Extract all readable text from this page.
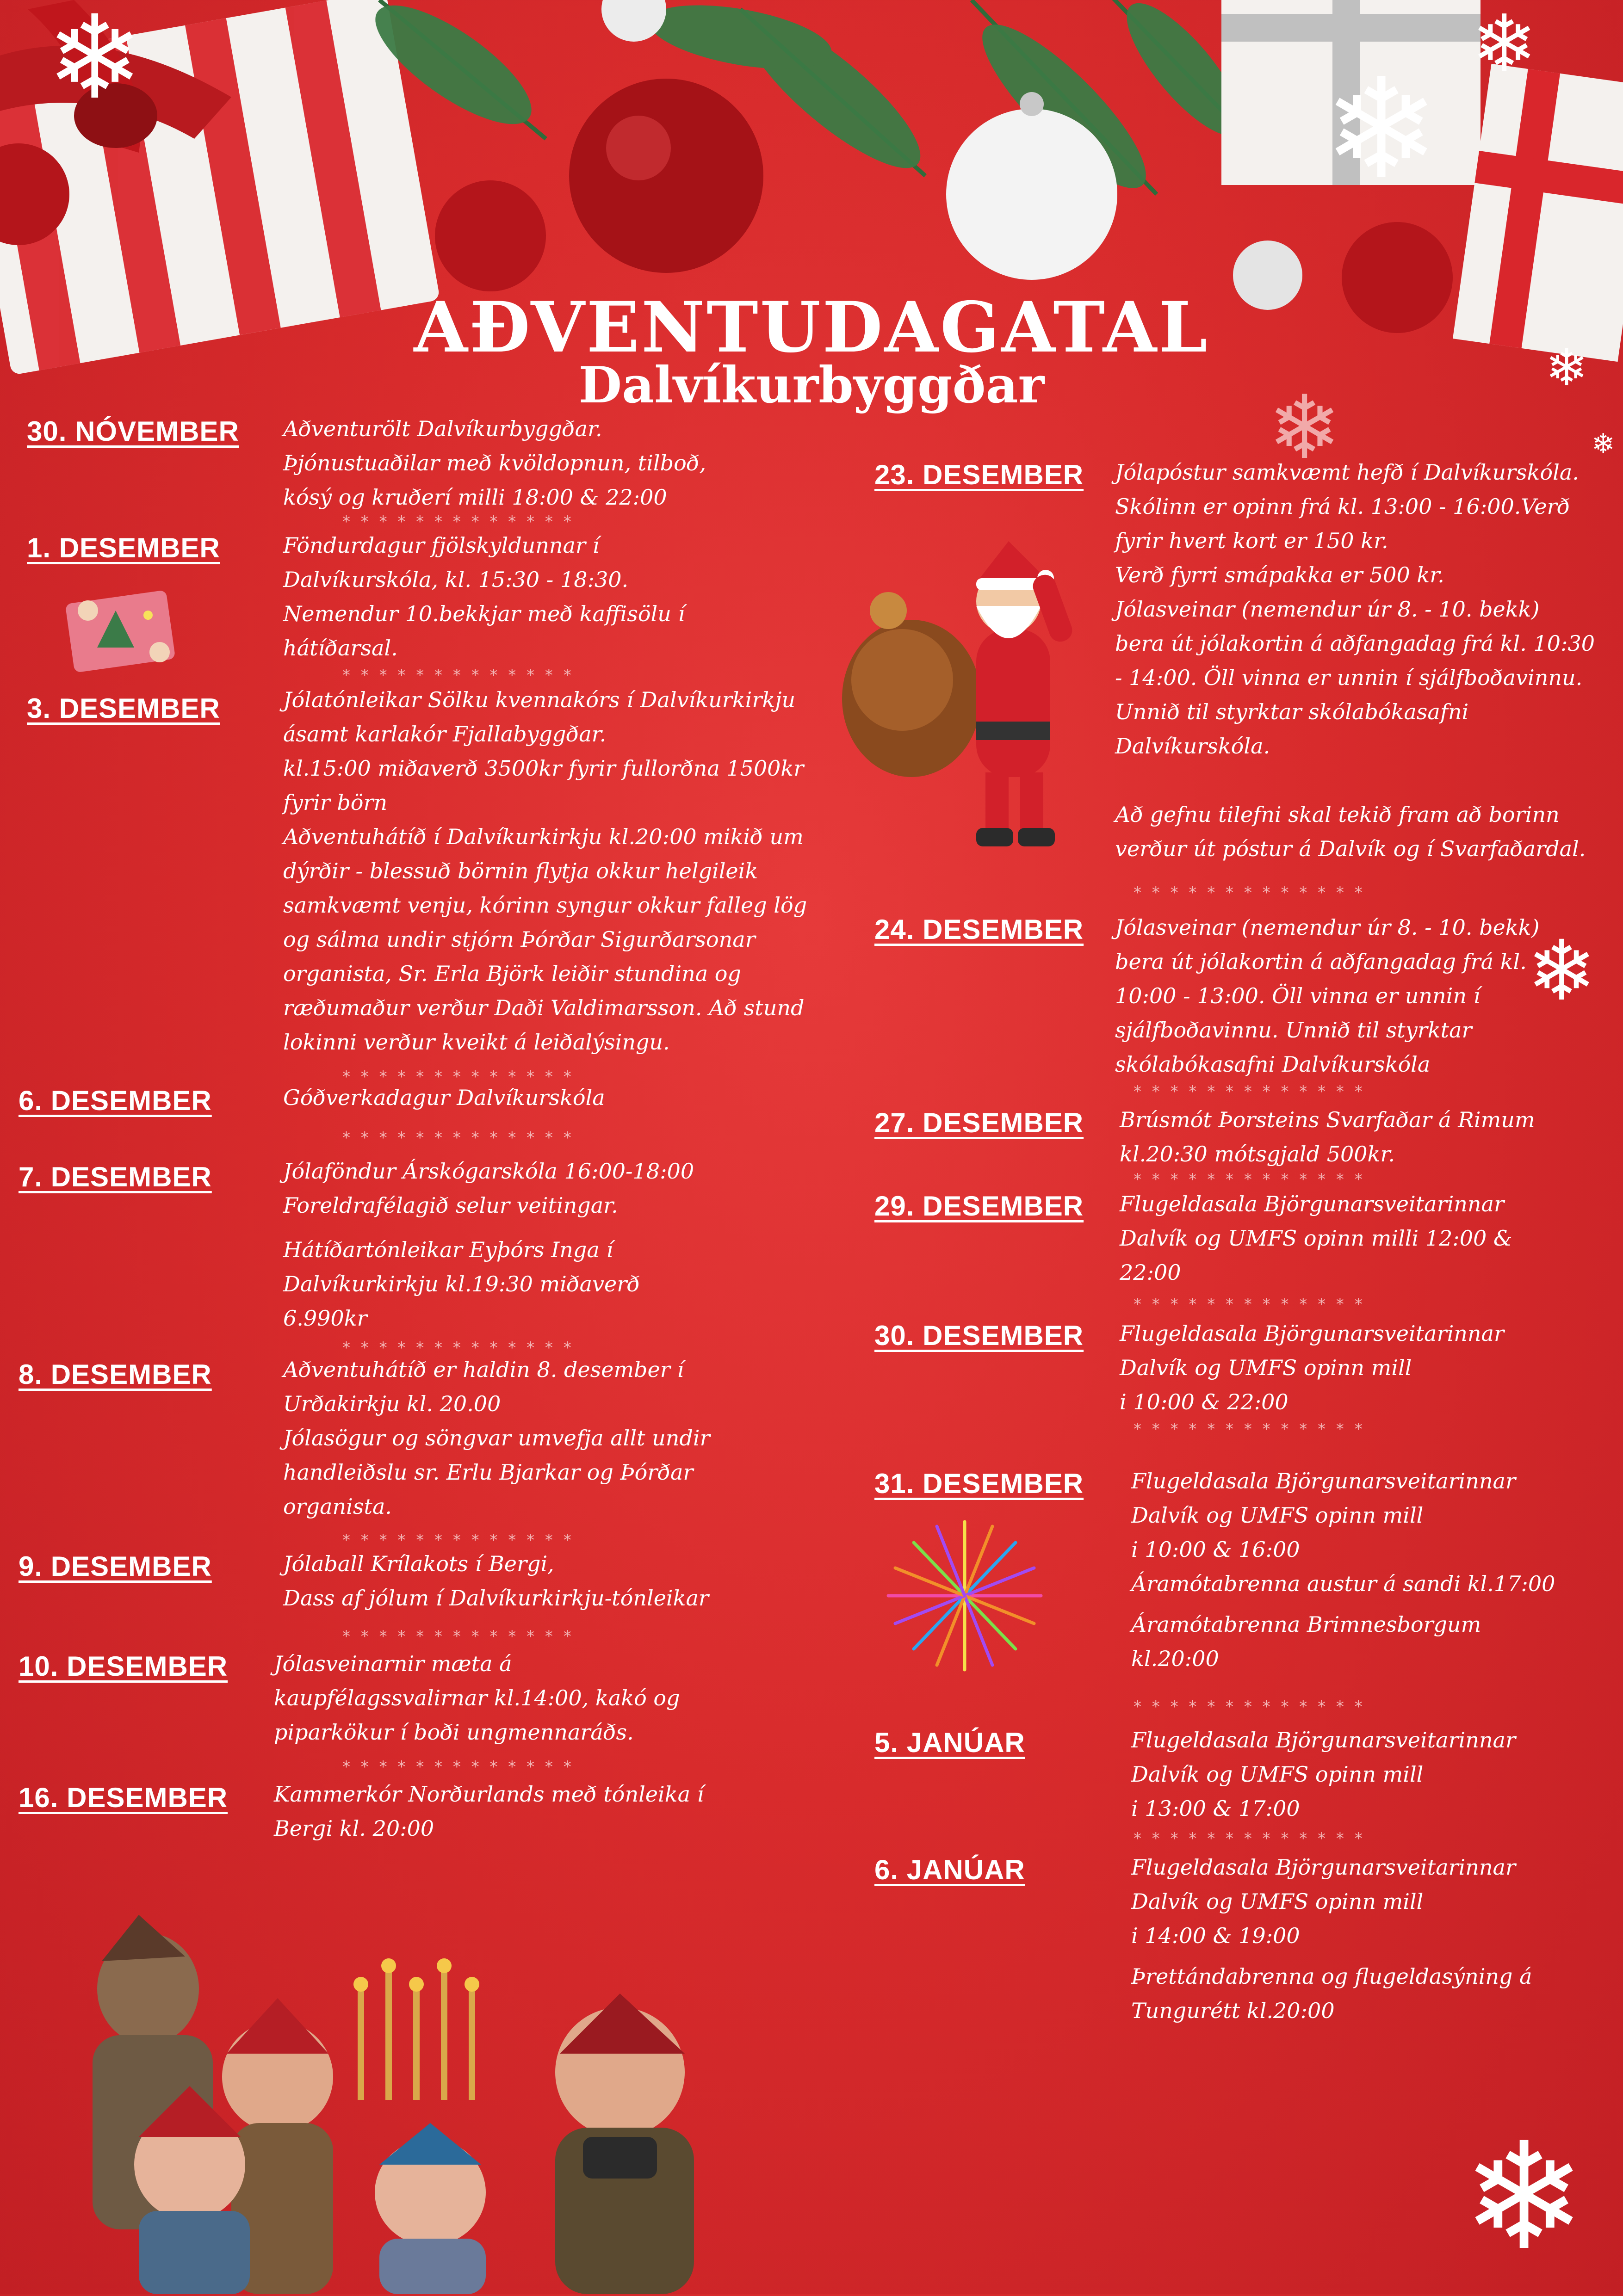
❄	❄
❄
❄
❄
❄
❄
❄
AÐVENTUDAGATAL
Dalvíkurbyggðar
30. NÓVEMBER Aðventurölt Dalvíkurbyggðar.

Þjónustuaðilar með kvöldopnun, tilboð,

kósý og kruðerí milli 18:00 & 22:00

* * * * * * * * * * * * *
1. DESEMBER	Föndurdagur fjölskyldunnar í

Dalvíkurskóla, kl. 15:30 - 18:30.

Nemendur 10.bekkjar með kaffisölu í

hátíðarsal.

* * * * * * * * * * * * *
3. DESEMBER	Jólatónleikar Sölku kvennakórs í Dalvíkurkirkju

ásamt karlakór Fjallabyggðar.

kl.15:00 miðaverð 3500kr fyrir fullorðna 1500kr

fyrir börn

Aðventuhátíð í Dalvíkurkirkju kl.20:00 mikið um

dýrðir - blessuð börnin flytja okkur helgileik

samkvæmt venju, kórinn syngur okkur falleg lög

og sálma undir stjórn Þórðar Sigurðarsonar

organista, Sr. Erla Björk leiðir stundina og

ræðumaður verður Daði Valdimarsson. Að stund

lokinni verður kveikt á leiðalýsingu.

* * * * * * * * * * * * *
6. DESEMBER	Góðverkadagur Dalvíkurskóla

* * * * * * * * * * * * *
7. DESEMBER	Jólaföndur Árskógarskóla 16:00-18:00

Foreldrafélagið selur veitingar.

Hátíðartónleikar Eyþórs Inga í

Dalvíkurkirkju kl.19:30 miðaverð

6.990kr

* * * * * * * * * * * * *
8. DESEMBER	Aðventuhátíð er haldin 8. desember í

Urðakirkju kl. 20.00

Jólasögur og söngvar umvefja allt undir

handleiðslu sr. Erlu Bjarkar og Þórðar

organista.

* * * * * * * * * * * * *
9. DESEMBER	Jólaball Krílakots í Bergi,

Dass af jólum í Dalvíkurkirkju-tónleikar

* * * * * * * * * * * * *
10. DESEMBER Jólasveinarnir mæta á

kaupfélagssvalirnar kl.14:00, kakó og

piparkökur í boði ungmennaráðs.

* * * * * * * * * * * * *
16. DESEMBER Kammerkór Norðurlands með tónleika í

Bergi kl. 20:00

23. DESEMBER Jólapóstur samkvæmt hefð í Dalvíkurskóla.

Skólinn er opinn frá kl. 13:00 - 16:00.Verð

fyrir hvert kort er 150 kr.

Verð fyrri smápakka er 500 kr.

Jólasveinar (nemendur úr 8. - 10. bekk)

bera út jólakortin á aðfangadag frá kl. 10:30

- 14:00. Öll vinna er unnin í sjálfboðavinnu.

Unnið til styrktar skólabókasafni

Dalvíkurskóla.

Að gefnu tilefni skal tekið fram að borinn

verður út póstur á Dalvík og í Svarfaðardal.

* * * * * * * * * * * * *
24. DESEMBER Jólasveinar (nemendur úr 8. - 10. bekk)

bera út jólakortin á aðfangadag frá kl.

10:00 - 13:00. Öll vinna er unnin í

sjálfboðavinnu. Unnið til styrktar

skólabókasafni Dalvíkurskóla

* * * * * * * * * * * * *
27. DESEMBER Brúsmót Þorsteins Svarfaðar á Rimum

kl.20:30 mótsgjald 500kr.

* * * * * * * * * * * * *
29. DESEMBER Flugeldasala Björgunarsveitarinnar

Dalvík og UMFS opinn milli 12:00 &

22:00

* * * * * * * * * * * * *
30. DESEMBER Flugeldasala Björgunarsveitarinnar

Dalvík og UMFS opinn mill

i 10:00 & 22:00

* * * * * * * * * * * * *
31. DESEMBER Flugeldasala Björgunarsveitarinnar

Dalvík og UMFS opinn mill

i 10:00 & 16:00

Áramótabrenna austur á sandi kl.17:00

Áramótabrenna Brimnesborgum

kl.20:00

* * * * * * * * * * * * *
5. JANÚAR	Flugeldasala Björgunarsveitarinnar

Dalvík og UMFS opinn mill

i 13:00 & 17:00

* * * * * * * * * * * * *
6. JANÚAR	Flugeldasala Björgunarsveitarinnar

Dalvík og UMFS opinn mill

i 14:00 & 19:00

Þrettándabrenna og flugeldasýning á

Tungurétt kl.20:00
